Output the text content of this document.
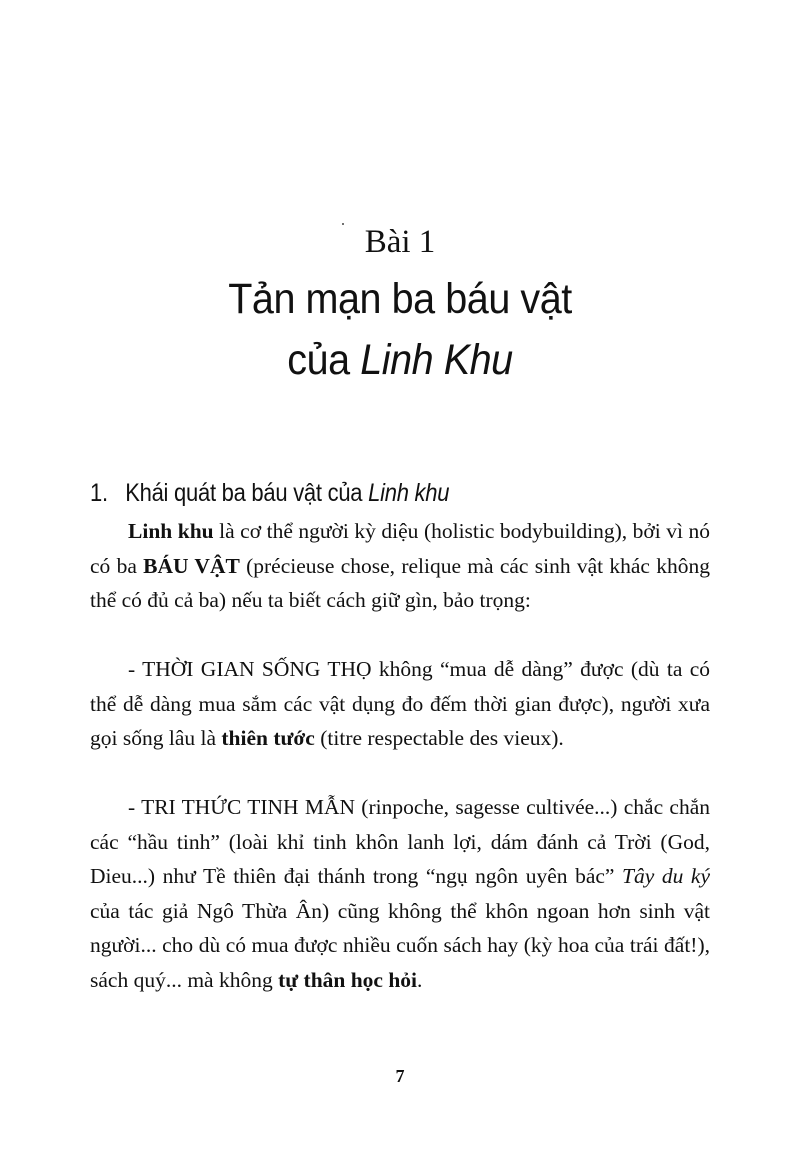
Bài 1
Tản mạn ba báu vật
của Linh Khu
1. Khái quát ba báu vật của Linh khu

Linh khu là cơ thể người kỳ diệu (holistic bodybuilding), bởi vì nó có ba BÁU VẬT (précieuse chose, relique mà các sinh vật khác không thể có đủ cả ba) nếu ta biết cách giữ gìn, bảo trọng:

- THỜI GIAN SỐNG THỌ không “mua dễ dàng” được (dù ta có thể dễ dàng mua sắm các vật dụng đo đếm thời gian được), người xưa gọi sống lâu là thiên tước (titre respectable des vieux).

- TRI THỨC TINH MẪN (rinpoche, sagesse cultivée...) chắc chắn các “hầu tinh” (loài khỉ tinh khôn lanh lợi, dám đánh cả Trời (God, Dieu...) như Tề thiên đại thánh trong “ngụ ngôn uyên bác” Tây du ký của tác giả Ngô Thừa Ân) cũng không thể khôn ngoan hơn sinh vật người... cho dù có mua được nhiều cuốn sách hay (kỳ hoa của trái đất!), sách quý... mà không tự thân học hỏi.

7
